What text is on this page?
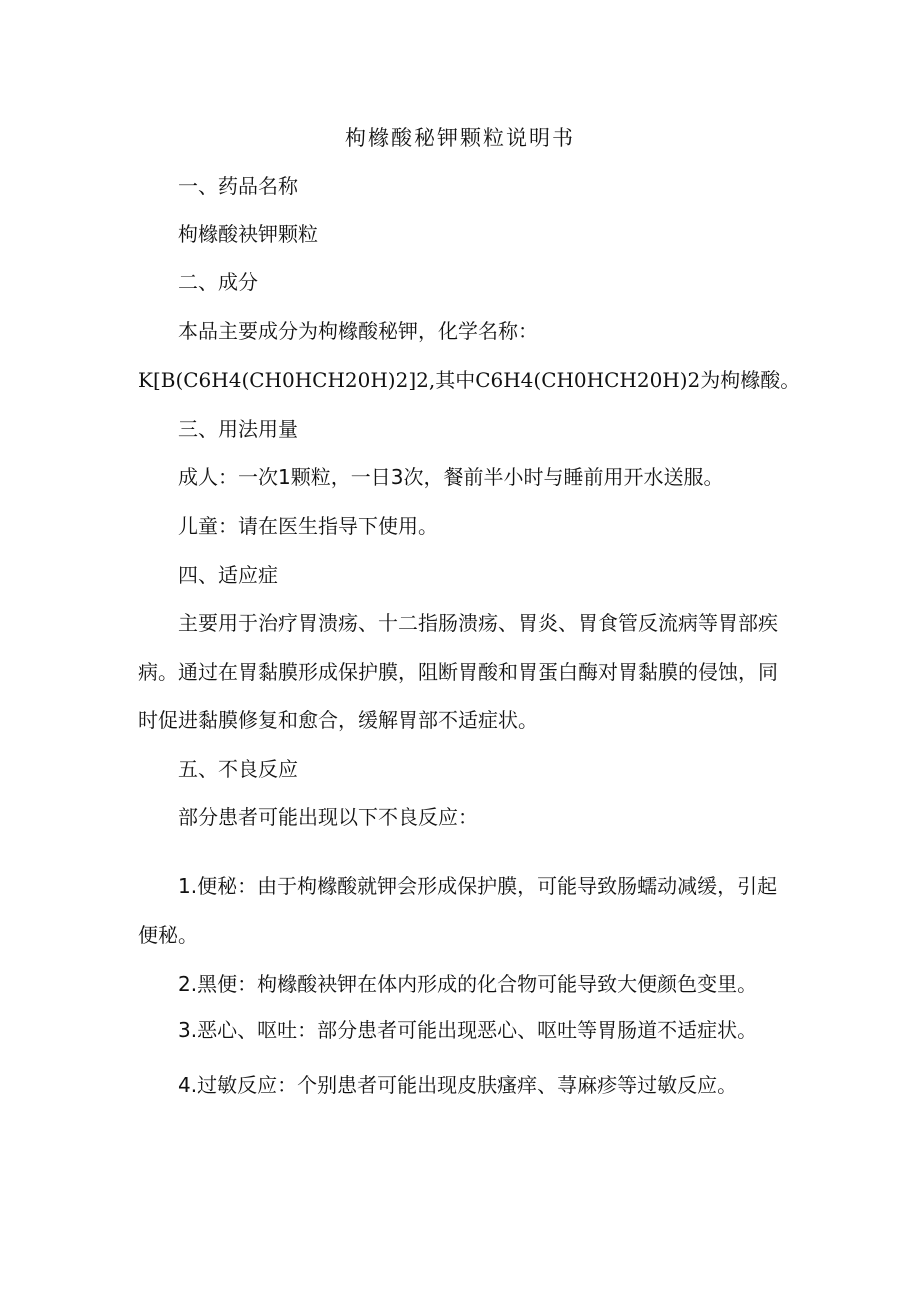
枸橼酸秘钾颗粒说明书

一、药品名称

枸橼酸袂钾颗粒

二、成分

本品主要成分为枸橼酸秘钾，化学名称：

K[B(C6H4(CH0HCH20H)2]2,其中C6H4(CH0HCH20H)2为枸橼酸。

三、用法用量

成人：一次1颗粒，一日3次，餐前半小时与睡前用开水送服。

儿童：请在医生指导下使用。

四、适应症

主要用于治疗胃溃疡、十二指肠溃疡、胃炎、胃食管反流病等胃部疾

病。通过在胃黏膜形成保护膜，阻断胃酸和胃蛋白酶对胃黏膜的侵蚀，同

时促进黏膜修复和愈合，缓解胃部不适症状。

五、不良反应

部分患者可能出现以下不良反应：

1.便秘：由于枸橼酸就钾会形成保护膜，可能导致肠蠕动减缓，引起

便秘。

2.黑便：枸橼酸袂钾在体内形成的化合物可能导致大便颜色变里。

3.恶心、呕吐：部分患者可能出现恶心、呕吐等胃肠道不适症状。

4.过敏反应：个别患者可能出现皮肤瘙痒、荨麻疹等过敏反应。
